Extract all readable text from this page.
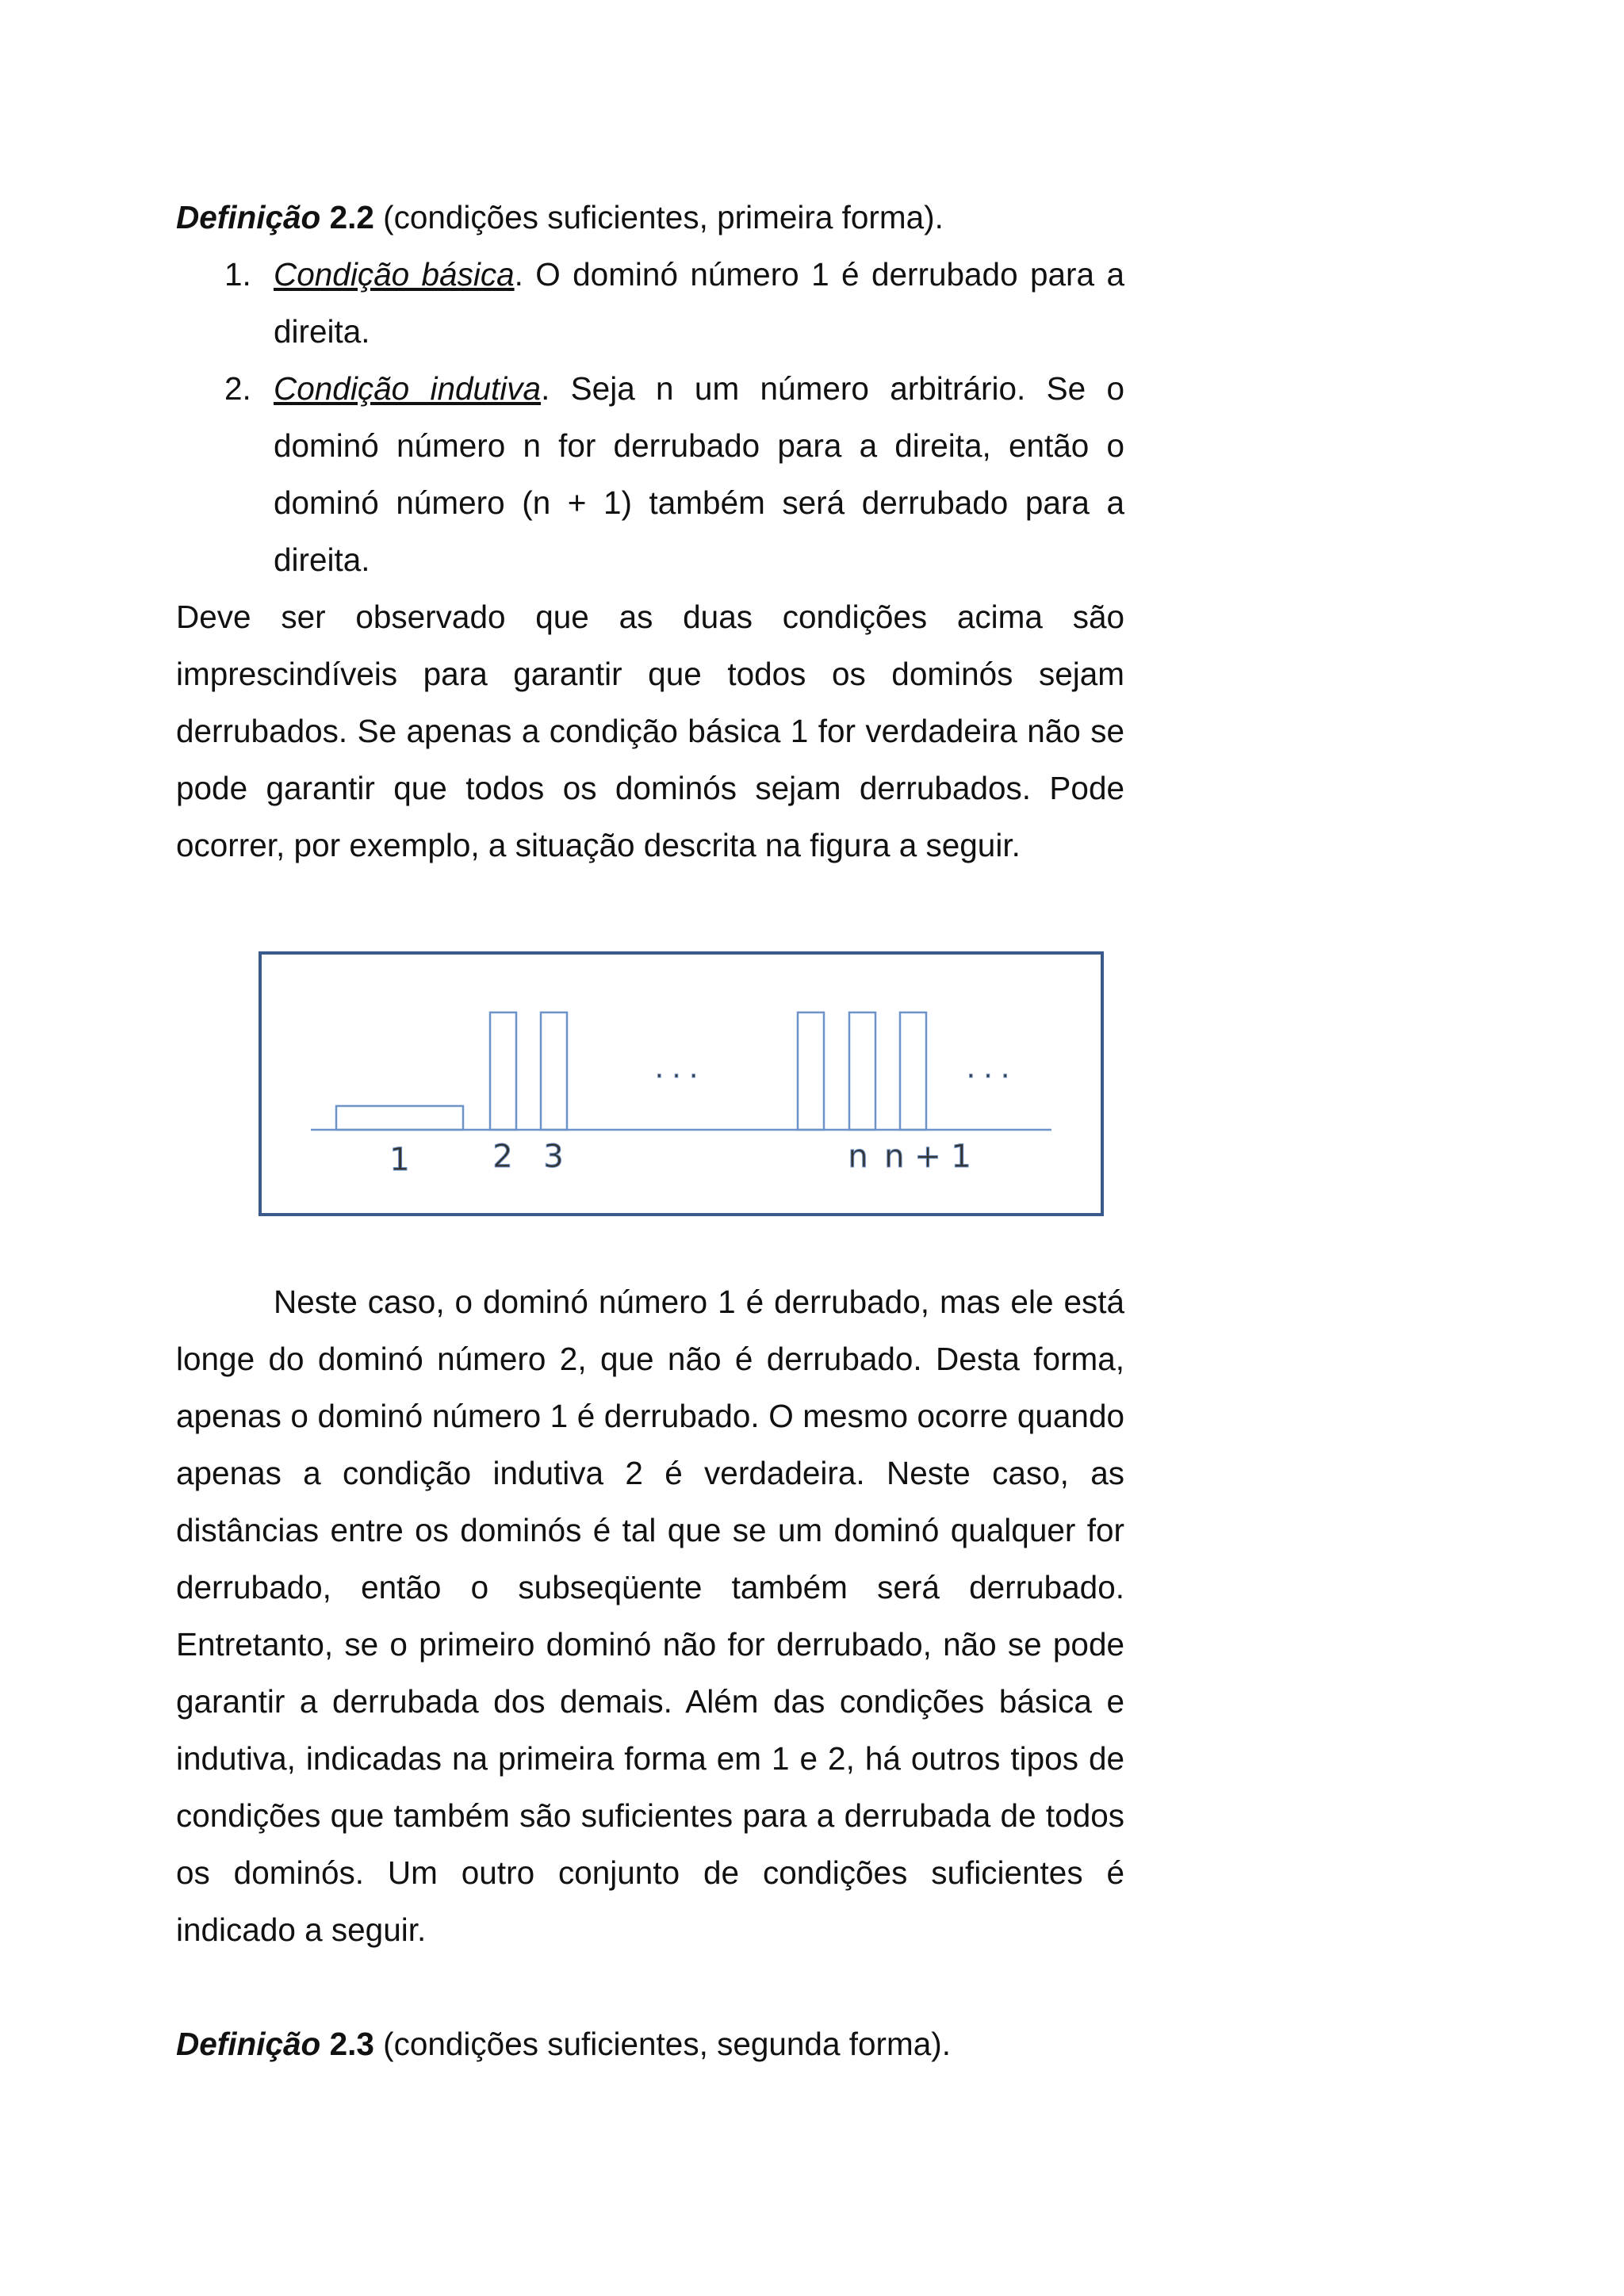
Definição 2.2 (condições suficientes, primeira forma).

1. Condição básica. O dominó número 1 é derrubado para a direita.
2. Condição indutiva. Seja n um número arbitrário. Se o dominó número n for derrubado para a direita, então o dominó número (n + 1) também será derrubado para a direita.

Deve ser observado que as duas condições acima são imprescindíveis para garantir que todos os dominós sejam derrubados. Se apenas a condição básica 1 for verdadeira não se pode garantir que todos os dominós sejam derrubados. Pode ocorrer, por exemplo, a situação descrita na figura a seguir.

. . .	. . .
1	2 3	n n + 1

Neste caso, o dominó número 1 é derrubado, mas ele está longe do dominó número 2, que não é derrubado. Desta forma, apenas o dominó número 1 é derrubado. O mesmo ocorre quando apenas a condição indutiva 2 é verdadeira. Neste caso, as distâncias entre os dominós é tal que se um dominó qualquer for derrubado, então o subseqüente também será derrubado. Entretanto, se o primeiro dominó não for derrubado, não se pode garantir a derrubada dos demais. Além das condições básica e indutiva, indicadas na primeira forma em 1 e 2, há outros tipos de condições que também são suficientes para a derrubada de todos os dominós. Um outro conjunto de condições suficientes é indicado a seguir.

Definição 2.3 (condições suficientes, segunda forma).
